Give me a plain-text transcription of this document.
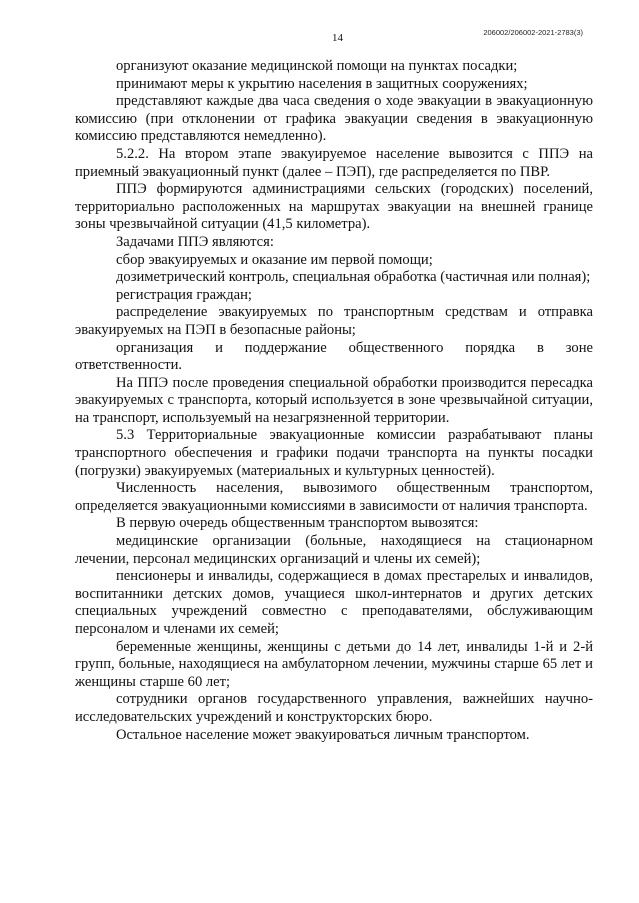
206002/206002-2021-2783(3)
14

организуют оказание медицинской помощи на пунктах посадки;

принимают меры к укрытию населения в защитных сооружениях;

представляют каждые два часа сведения о ходе эвакуации в эвакуационную комиссию (при отклонении от графика эвакуации сведения в эвакуационную комиссию представляются немедленно).

5.2.2. На втором этапе эвакуируемое население вывозится с ППЭ на приемный эвакуационный пункт (далее – ПЭП), где распределяется по ПВР.

ППЭ формируются администрациями сельских (городских) поселений, территориально расположенных на маршрутах эвакуации на внешней границе зоны чрезвычайной ситуации (41,5 километра).

Задачами ППЭ являются:

сбор эвакуируемых и оказание им первой помощи;

дозиметрический контроль, специальная обработка (частичная или полная);

регистрация граждан;

распределение эвакуируемых по транспортным средствам и отправка эвакуируемых на ПЭП в безопасные районы;

организация и поддержание общественного порядка в зоне ответственности.

На ППЭ после проведения специальной обработки производится пересадка эвакуируемых с транспорта, который используется в зоне чрезвычайной ситуации, на транспорт, используемый на незагрязненной территории.

5.3 Территориальные эвакуационные комиссии разрабатывают планы транспортного обеспечения и графики подачи транспорта на пункты посадки (погрузки) эвакуируемых (материальных и культурных ценностей).

Численность населения, вывозимого общественным транспортом, определяется эвакуационными комиссиями в зависимости от наличия транспорта.

В первую очередь общественным транспортом вывозятся:

медицинские организации (больные, находящиеся на стационарном лечении, персонал медицинских организаций и члены их семей);

пенсионеры и инвалиды, содержащиеся в домах престарелых и инвалидов, воспитанники детских домов, учащиеся школ-интернатов и других детских специальных учреждений совместно с преподавателями, обслуживающим персоналом и членами их семей;

беременные женщины, женщины с детьми до 14 лет, инвалиды 1-й и 2-й групп, больные, находящиеся на амбулаторном лечении, мужчины старше 65 лет и женщины старше 60 лет;

сотрудники органов государственного управления, важнейших научно-исследовательских учреждений и конструкторских бюро.

Остальное население может эвакуироваться личным транспортом.
